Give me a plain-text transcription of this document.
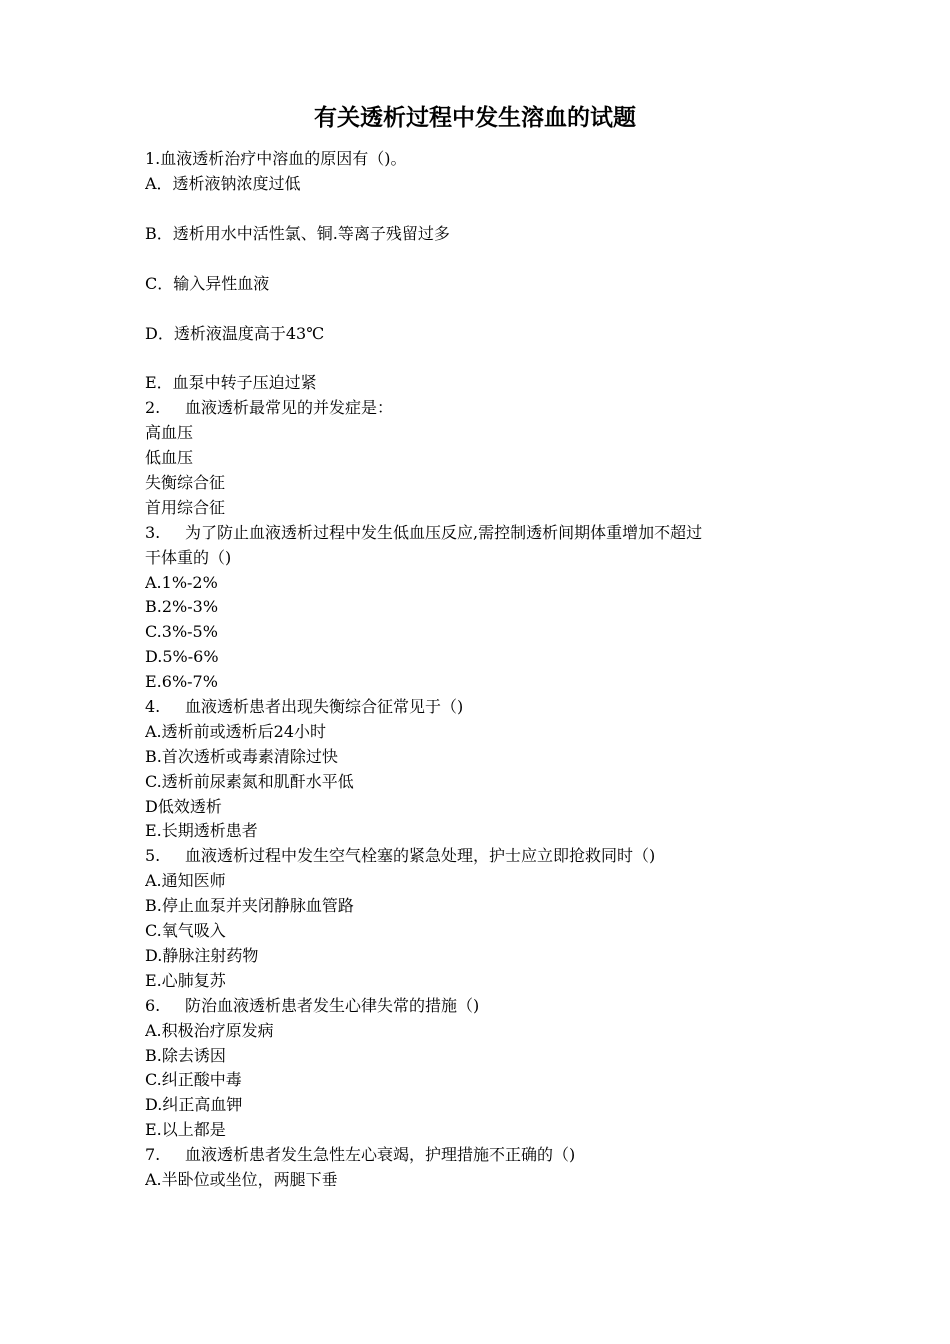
有关透析过程中发生溶血的试题
1.血液透析治疗中溶血的原因有（)。
A．透析液钠浓度过低
B．透析用水中活性氯、铜.等离子残留过多
C．输入异性血液
D．透析液温度高于43℃
E．血泵中转子压迫过紧
2. 血液透析最常见的并发症是：
高血压
低血压
失衡综合征
首用综合征
3. 为了防止血液透析过程中发生低血压反应,需控制透析间期体重增加不超过
干体重的（)
A.1%-2%
B.2%-3%
C.3%-5%
D.5%-6%
E.6%-7%
4. 血液透析患者出现失衡综合征常见于（)
A.透析前或透析后24小时
B.首次透析或毒素清除过快
C.透析前尿素氮和肌酐水平低
D低效透析
E.长期透析患者
5. 血液透析过程中发生空气栓塞的紧急处理，护士应立即抢救同时（)
A.通知医师
B.停止血泵并夹闭静脉血管路
C.氧气吸入
D.静脉注射药物
E.心肺复苏
6. 防治血液透析患者发生心律失常的措施（)
A.积极治疗原发病
B.除去诱因
C.纠正酸中毒
D.纠正高血钾
E.以上都是
7. 血液透析患者发生急性左心衰竭，护理措施不正确的（)
A.半卧位或坐位，两腿下垂
